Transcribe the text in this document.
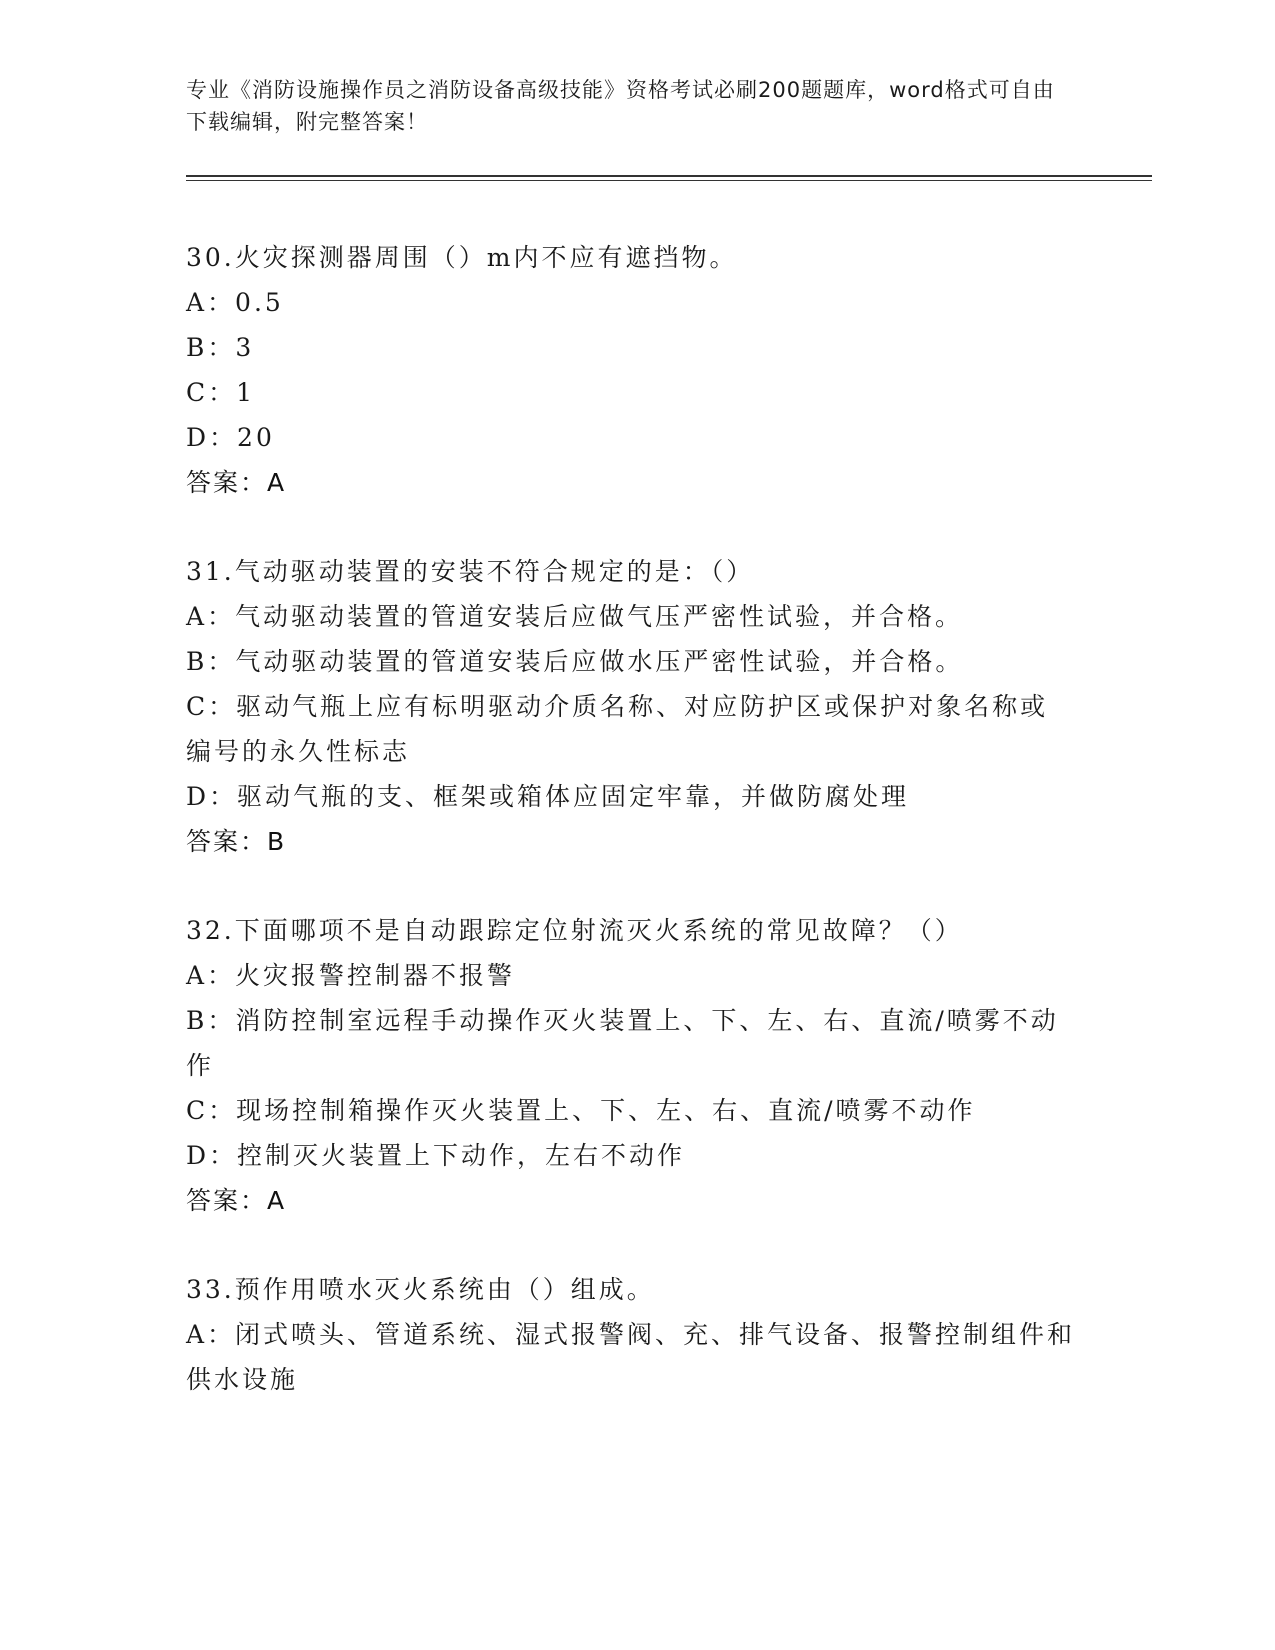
专业《消防设施操作员之消防设备高级技能》资格考试必刷200题题库，word格式可自由下载编辑，附完整答案！

30.火灾探测器周围（）m内不应有遮挡物。

A：0.5

B：3

C：1

D：20

答案：A

31.气动驱动装置的安装不符合规定的是：（）

A：气动驱动装置的管道安装后应做气压严密性试验，并合格。

B：气动驱动装置的管道安装后应做水压严密性试验，并合格。

C：驱动气瓶上应有标明驱动介质名称、对应防护区或保护对象名称或编号的永久性标志

D：驱动气瓶的支、框架或箱体应固定牢靠，并做防腐处理

答案：B

32.下面哪项不是自动跟踪定位射流灭火系统的常见故障？（）

A：火灾报警控制器不报警

B：消防控制室远程手动操作灭火装置上、下、左、右、直流/喷雾不动作

C：现场控制箱操作灭火装置上、下、左、右、直流/喷雾不动作

D：控制灭火装置上下动作，左右不动作

答案：A

33.预作用喷水灭火系统由（）组成。

A：闭式喷头、管道系统、湿式报警阀、充、排气设备、报警控制组件和供水设施
